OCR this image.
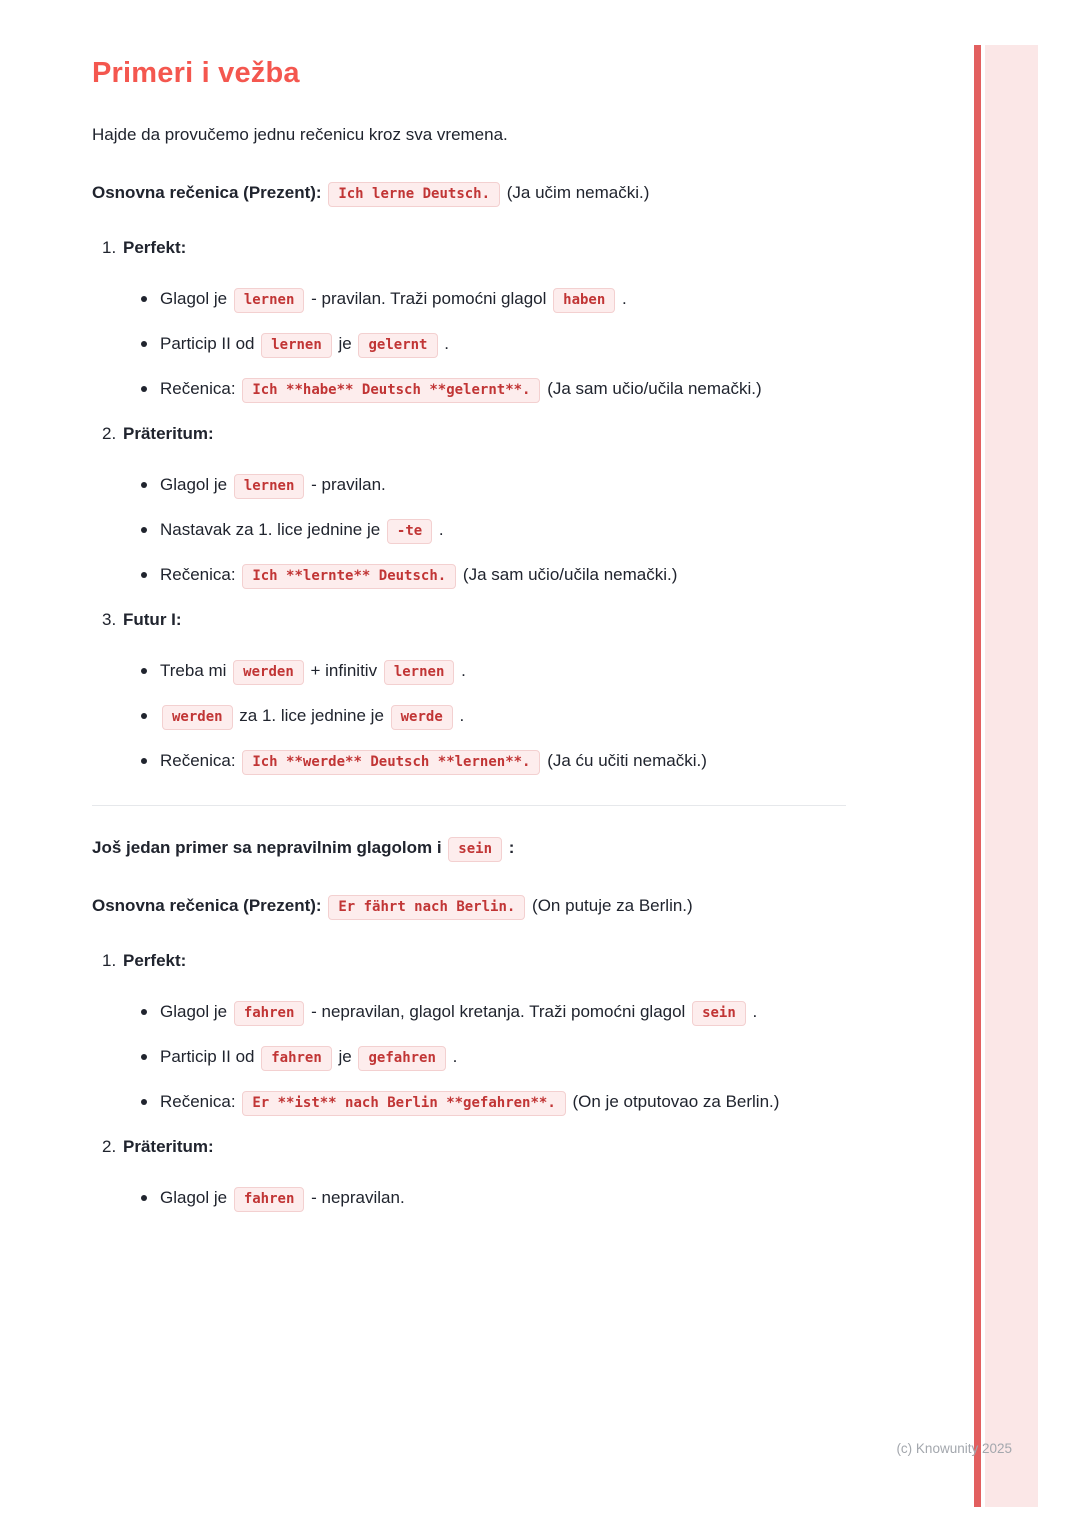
Primeri i vežba

Hajde da provučemo jednu rečenicu kroz sva vremena.

Osnovna rečenica (Prezent): Ich lerne Deutsch. (Ja učim nemački.)

1. Perfekt:
Glagol je lernen - pravilan. Traži pomoćni glagol haben .
Particip II od lernen je gelernt .
Rečenica: Ich **habe** Deutsch **gelernt**. (Ja sam učio/učila nemački.)
2. Präteritum:
Glagol je lernen - pravilan.
Nastavak za 1. lice jednine je -te .
Rečenica: Ich **lernte** Deutsch. (Ja sam učio/učila nemački.)
3. Futur I:
Treba mi werden + infinitiv lernen .
werden za 1. lice jednine je werde .
Rečenica: Ich **werde** Deutsch **lernen**. (Ja ću učiti nemački.)

Još jedan primer sa nepravilnim glagolom i sein :

Osnovna rečenica (Prezent): Er fährt nach Berlin. (On putuje za Berlin.)

1. Perfekt:
Glagol je fahren - nepravilan, glagol kretanja. Traži pomoćni glagol sein .
Particip II od fahren je gefahren .
Rečenica: Er **ist** nach Berlin **gefahren**. (On je otputovao za Berlin.)
2. Präteritum:
Glagol je fahren - nepravilan.
(c) Knowunity 2025
